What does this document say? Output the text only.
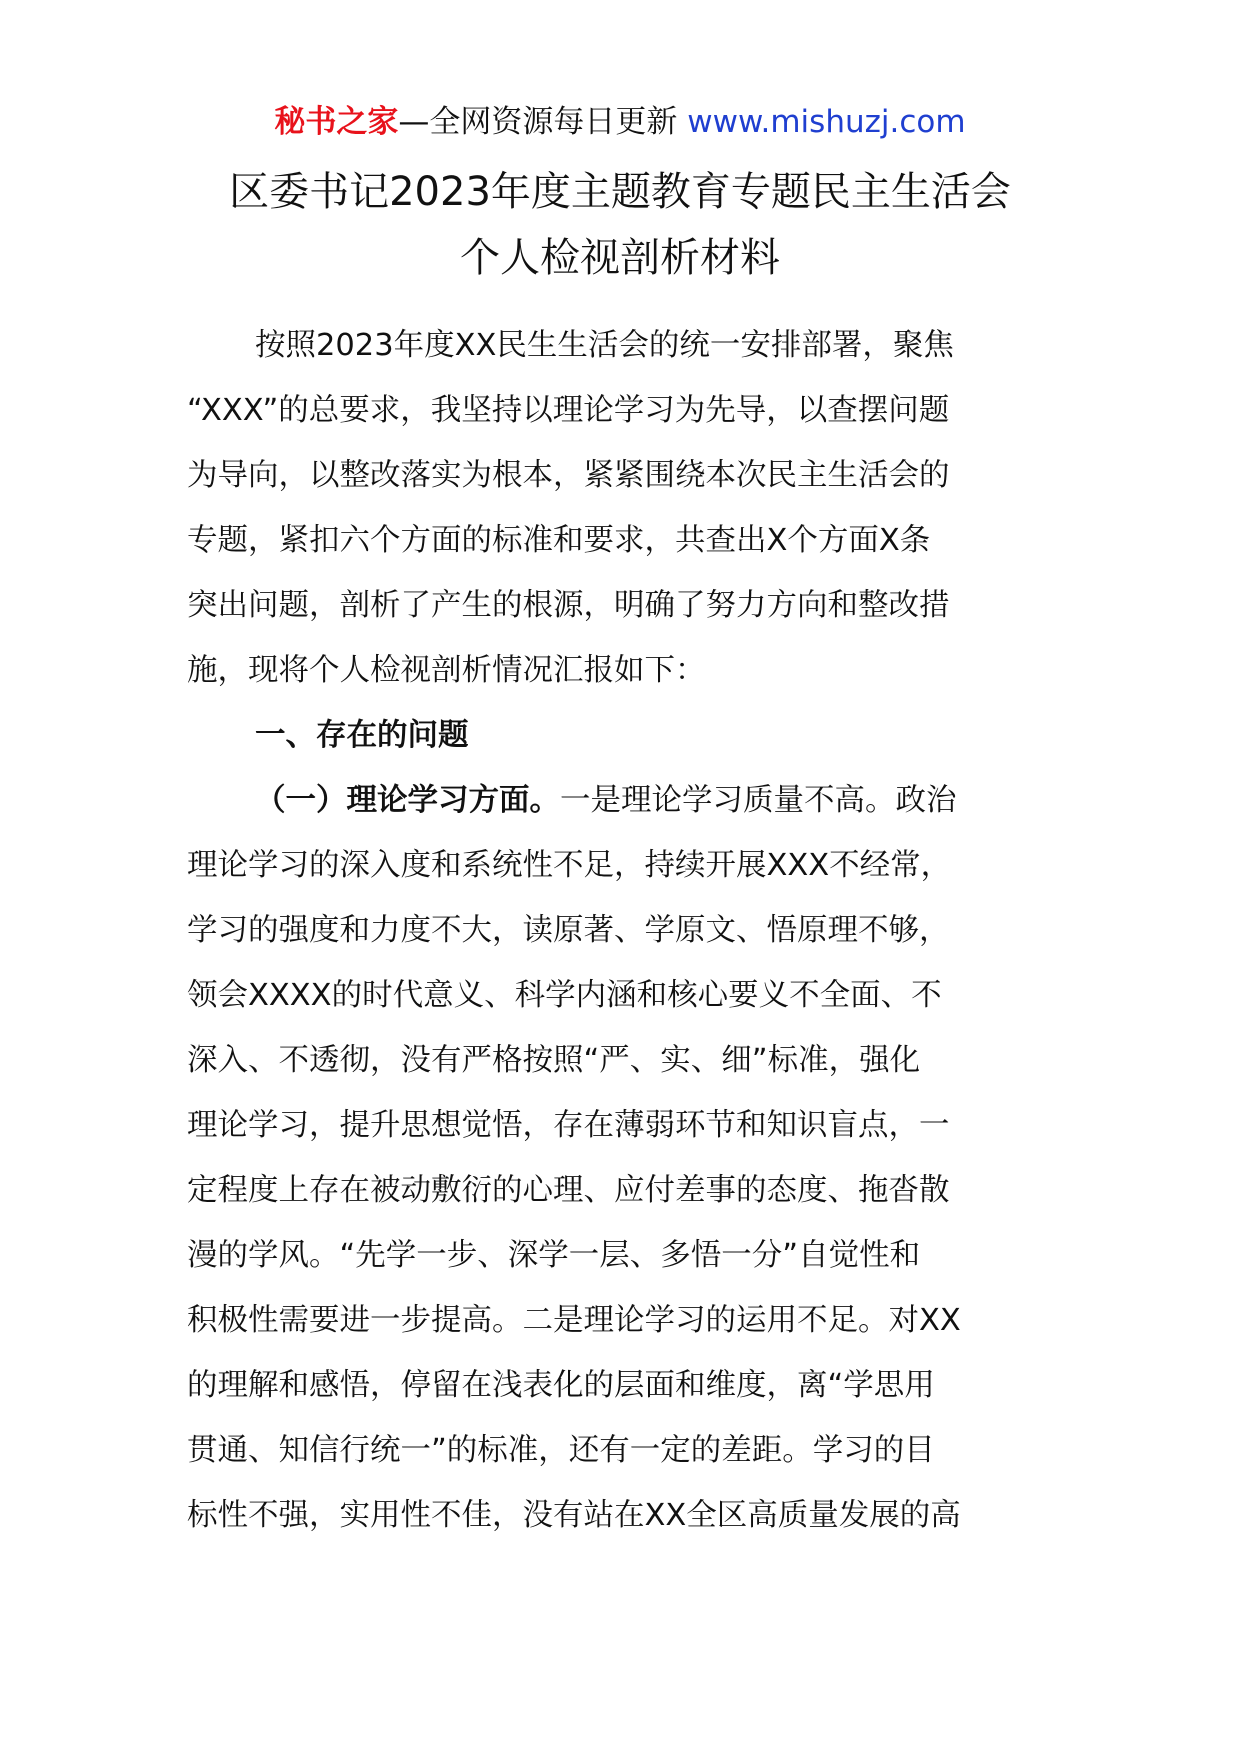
秘书之家—全网资源每日更新 www.mishuzj.com
区委书记2023年度主题教育专题民主生活会
个人检视剖析材料
按照2023年度XX民生生活会的统一安排部署，聚焦
“XXX”的总要求，我坚持以理论学习为先导，以查摆问题
为导向，以整改落实为根本，紧紧围绕本次民主生活会的
专题，紧扣六个方面的标准和要求，共查出X个方面X条
突出问题，剖析了产生的根源，明确了努力方向和整改措
施，现将个人检视剖析情况汇报如下：
一、存在的问题
（一）理论学习方面。一是理论学习质量不高。政治
理论学习的深入度和系统性不足，持续开展XXX不经常，
学习的强度和力度不大，读原著、学原文、悟原理不够，
领会XXXX的时代意义、科学内涵和核心要义不全面、不
深入、不透彻，没有严格按照“严、实、细”标准，强化
理论学习，提升思想觉悟，存在薄弱环节和知识盲点，一
定程度上存在被动敷衍的心理、应付差事的态度、拖沓散
漫的学风。“先学一步、深学一层、多悟一分”自觉性和
积极性需要进一步提高。二是理论学习的运用不足。对XX
的理解和感悟，停留在浅表化的层面和维度，离“学思用
贯通、知信行统一”的标准，还有一定的差距。学习的目
标性不强，实用性不佳，没有站在XX全区高质量发展的高
